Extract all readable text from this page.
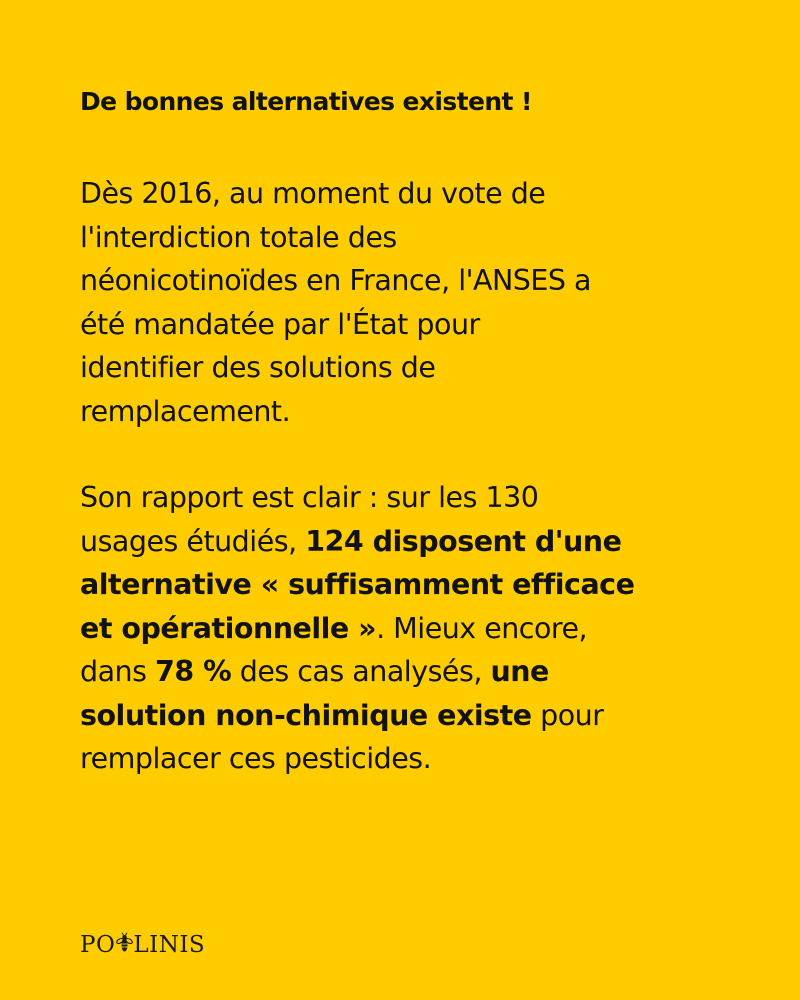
De bonnes alternatives existent !

Dès 2016, au moment du vote de
l'interdiction totale des
néonicotinoïdes en France, l'ANSES a
été mandatée par l'État pour
identifier des solutions de
remplacement.

Son rapport est clair : sur les 130
usages étudiés, 124 disposent d'une
alternative « suffisamment efficace
et opérationnelle ». Mieux encore,
dans 78 % des cas analysés, une
solution non-chimique existe pour
remplacer ces pesticides.

PO LINIS
